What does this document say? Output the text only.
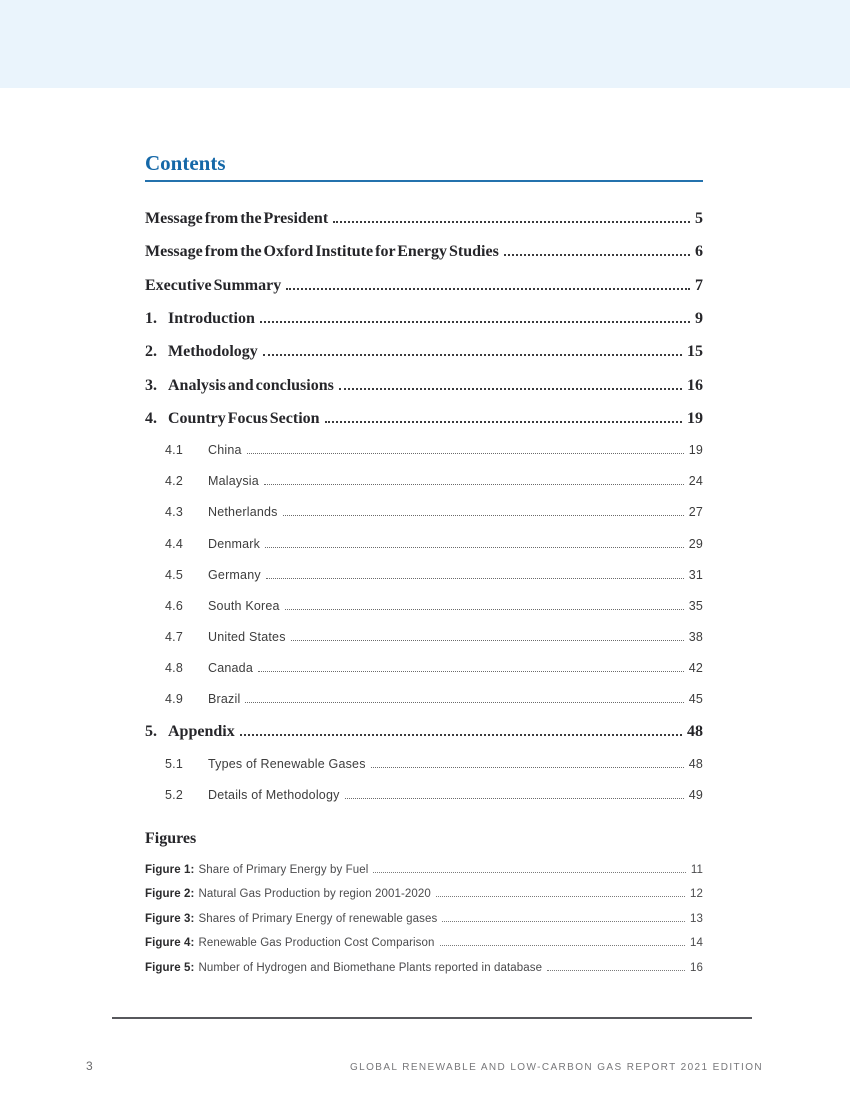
Contents
Message from the President	5
Message from the Oxford Institute for Energy Studies	6
Executive Summary	7
1. Introduction	9
2. Methodology	15
3. Analysis and conclusions	16
4. Country Focus Section	19
4.1	China	19
4.2	Malaysia	24
4.3	Netherlands	27
4.4	Denmark	29
4.5	Germany	31
4.6	South Korea	35
4.7	United States	38
4.8	Canada	42
4.9	Brazil	45
5. Appendix	48
5.1	Types of Renewable Gases	48
5.2	Details of Methodology	49
Figures
Figure 1: Share of Primary Energy by Fuel	11
Figure 2: Natural Gas Production by region 2001-2020	12
Figure 3: Shares of Primary Energy of renewable gases	13
Figure 4: Renewable Gas Production Cost Comparison	14
Figure 5: Number of Hydrogen and Biomethane Plants reported in database	16
3	GLOBAL RENEWABLE AND LOW-CARBON GAS REPORT 2021 EDITION
